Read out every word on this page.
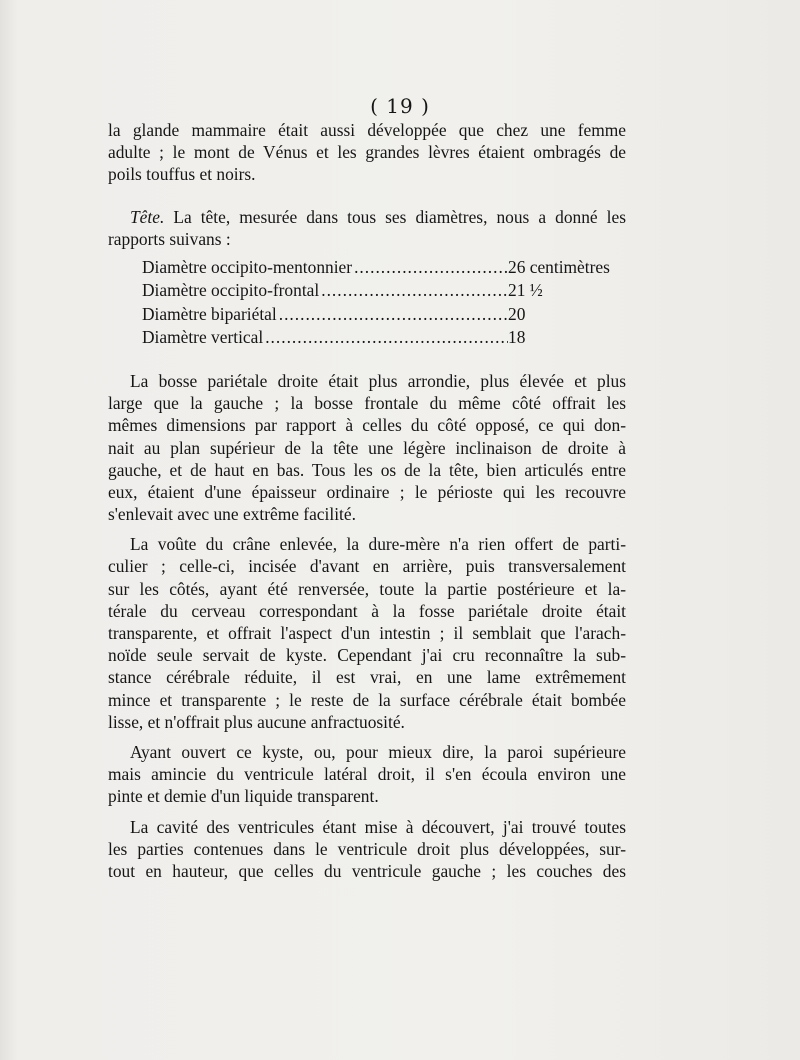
( 19 )
la glande mammaire était aussi développée que chez une femme
adulte ; le mont de Vénus et les grandes lèvres étaient ombragés de
poils touffus et noirs.
Tête. La tête, mesurée dans tous ses diamètres, nous a donné les
rapports suivans :
Diamètre occipito-mentonnier .....	26 centimètres
Diamètre occipito-frontal .....	21 ½
Diamètre bipariétal .....	20
Diamètre vertical .....	18
La bosse pariétale droite était plus arrondie, plus élevée et plus
large que la gauche ; la bosse frontale du même côté offrait les
mêmes dimensions par rapport à celles du côté opposé, ce qui don-
nait au plan supérieur de la tête une légère inclinaison de droite à
gauche, et de haut en bas. Tous les os de la tête, bien articulés entre
eux, étaient d'une épaisseur ordinaire ; le périoste qui les recouvre
s'enlevait avec une extrême facilité.
La voûte du crâne enlevée, la dure-mère n'a rien offert de parti-
culier ; celle-ci, incisée d'avant en arrière, puis transversalement
sur les côtés, ayant été renversée, toute la partie postérieure et la-
térale du cerveau correspondant à la fosse pariétale droite était
transparente, et offrait l'aspect d'un intestin ; il semblait que l'arach-
noïde seule servait de kyste. Cependant j'ai cru reconnaître la sub-
stance cérébrale réduite, il est vrai, en une lame extrêmement
mince et transparente ; le reste de la surface cérébrale était bombée
lisse, et n'offrait plus aucune anfractuosité.
Ayant ouvert ce kyste, ou, pour mieux dire, la paroi supérieure
mais amincie du ventricule latéral droit, il s'en écoula environ une
pinte et demie d'un liquide transparent.
La cavité des ventricules étant mise à découvert, j'ai trouvé toutes
les parties contenues dans le ventricule droit plus développées, sur-
tout en hauteur, que celles du ventricule gauche ; les couches des
